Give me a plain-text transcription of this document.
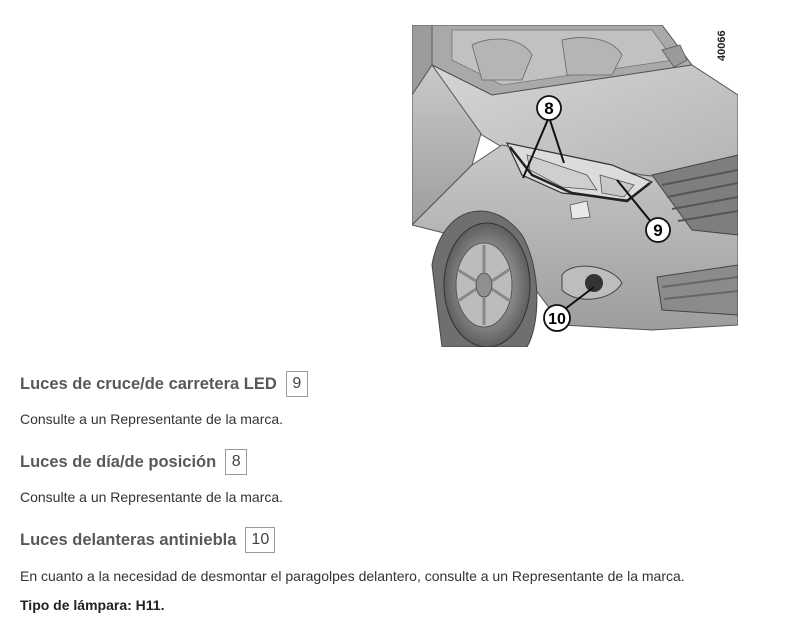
8
9
10
40066
Luces de cruce/de carretera LED 9

Consulte a un Representante de la marca.

Luces de día/de posición 8

Consulte a un Representante de la marca.

Luces delanteras antiniebla 10

En cuanto a la necesidad de desmontar el paragolpes delantero, consulte a un Representante de la marca.

Tipo de lámpara: H11.
